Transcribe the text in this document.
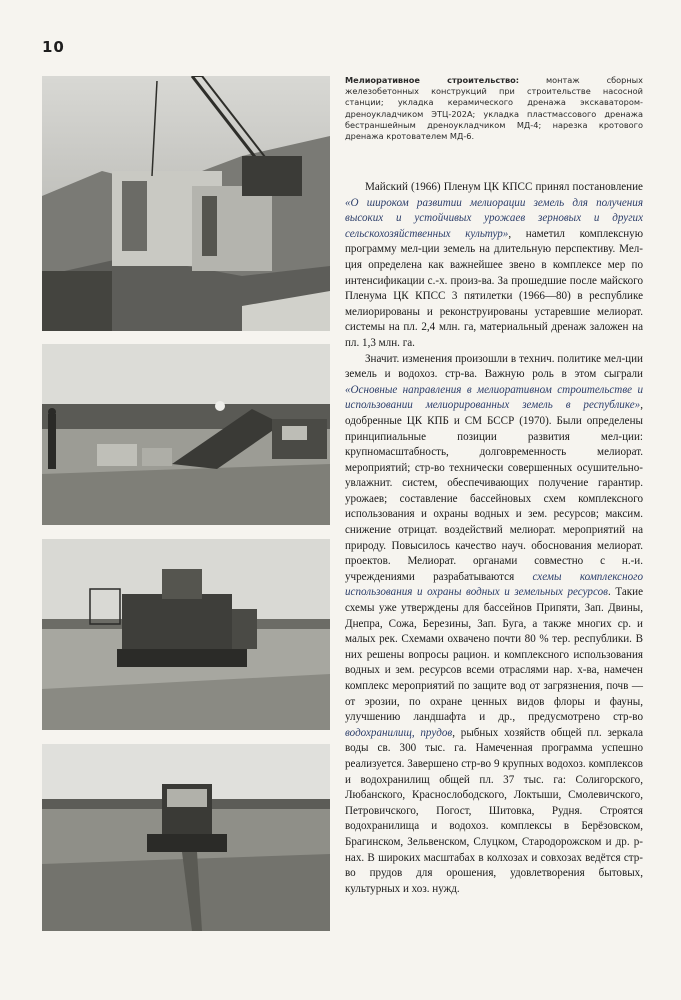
10
Мелиоративное строительство:	монтаж сборных железобетонных конструкций при строительстве насосной станции; укладка керамического дренажа экскаватором-дреноукладчиком ЭТЦ-202А; укладка пластмассового дренажа бестраншейным дреноукладчиком МД-4; нарезка кротового дренажа кротователем МД-6.

Майский (1966) Пленум ЦК КПСС принял постановление «О широком развитии мелиорации земель для получения высоких и устойчивых урожаев зерновых и других сельскохозяйственных культур», наметил комплексную программу мел-ции земель на длительную перспективу. Мел-ция определена как важнейшее звено в комплексе мер по интенсификации с.-х. произ-ва. За прошедшие после майского Пленума ЦК КПСС 3 пятилетки (1966—80) в республике мелиорированы и реконструированы устаревшие мелиорат. системы на пл. 2,4 млн. га, материальный дренаж заложен на пл. 1,3 млн. га.

Значит. изменения произошли в технич. политике мел-ции земель и водохоз. стр-ва. Важную роль в этом сыграли «Основные направления в мелиоративном строительстве и использовании мелиорированных земель в республике», одобренные ЦК КПБ и СМ БССР (1970). Были определены принципиальные позиции развития мел-ции: крупномасштабность, долговременность мелиорат. мероприятий; стр-во технически совершенных осушительно-увлажнит. систем, обеспечивающих получение гарантир. урожаев; составление бассейновых схем комплексного использования и охраны водных и зем. ресурсов; максим. снижение отрицат. воздействий мелиорат. мероприятий на природу. Повысилось качество науч. обоснования мелиорат. проектов. Мелиорат. органами совместно с н.-и. учреждениями разрабатываются схемы комплексного использования и охраны водных и земельных ресурсов. Такие схемы уже утверждены для бассейнов Припяти, Зап. Двины, Днепра, Сожа, Березины, Зап. Буга, а также многих ср. и малых рек. Схемами охвачено почти 80 % тер. республики. В них решены вопросы рацион. и комплексного использования водных и зем. ресурсов всеми отраслями нар. х-ва, намечен комплекс мероприятий по защите вод от загрязнения, почв — от эрозии, по охране ценных видов флоры и фауны, улучшению ландшафта и др., предусмотрено стр-во водохранилищ, прудов, рыбных хозяйств общей пл. зеркала воды св. 300 тыс. га. Намеченная программа успешно реализуется. Завершено стр-во 9 крупных водохоз. комплексов и водохранилищ общей пл. 37 тыс. га: Солигорского, Любанского, Краснослободского, Локтыши, Смолевичского, Петровичского, Погост, Шитовка, Рудня. Строятся водохранилища и водохоз. комплексы в Берёзовском, Брагинском, Зельвенском, Слуцком, Стародорожском и др. р-нах. В широких масштабах в колхозах и совхозах ведётся стр-во прудов для орошения, удовлетворения бытовых, культурных и хоз. нужд.
